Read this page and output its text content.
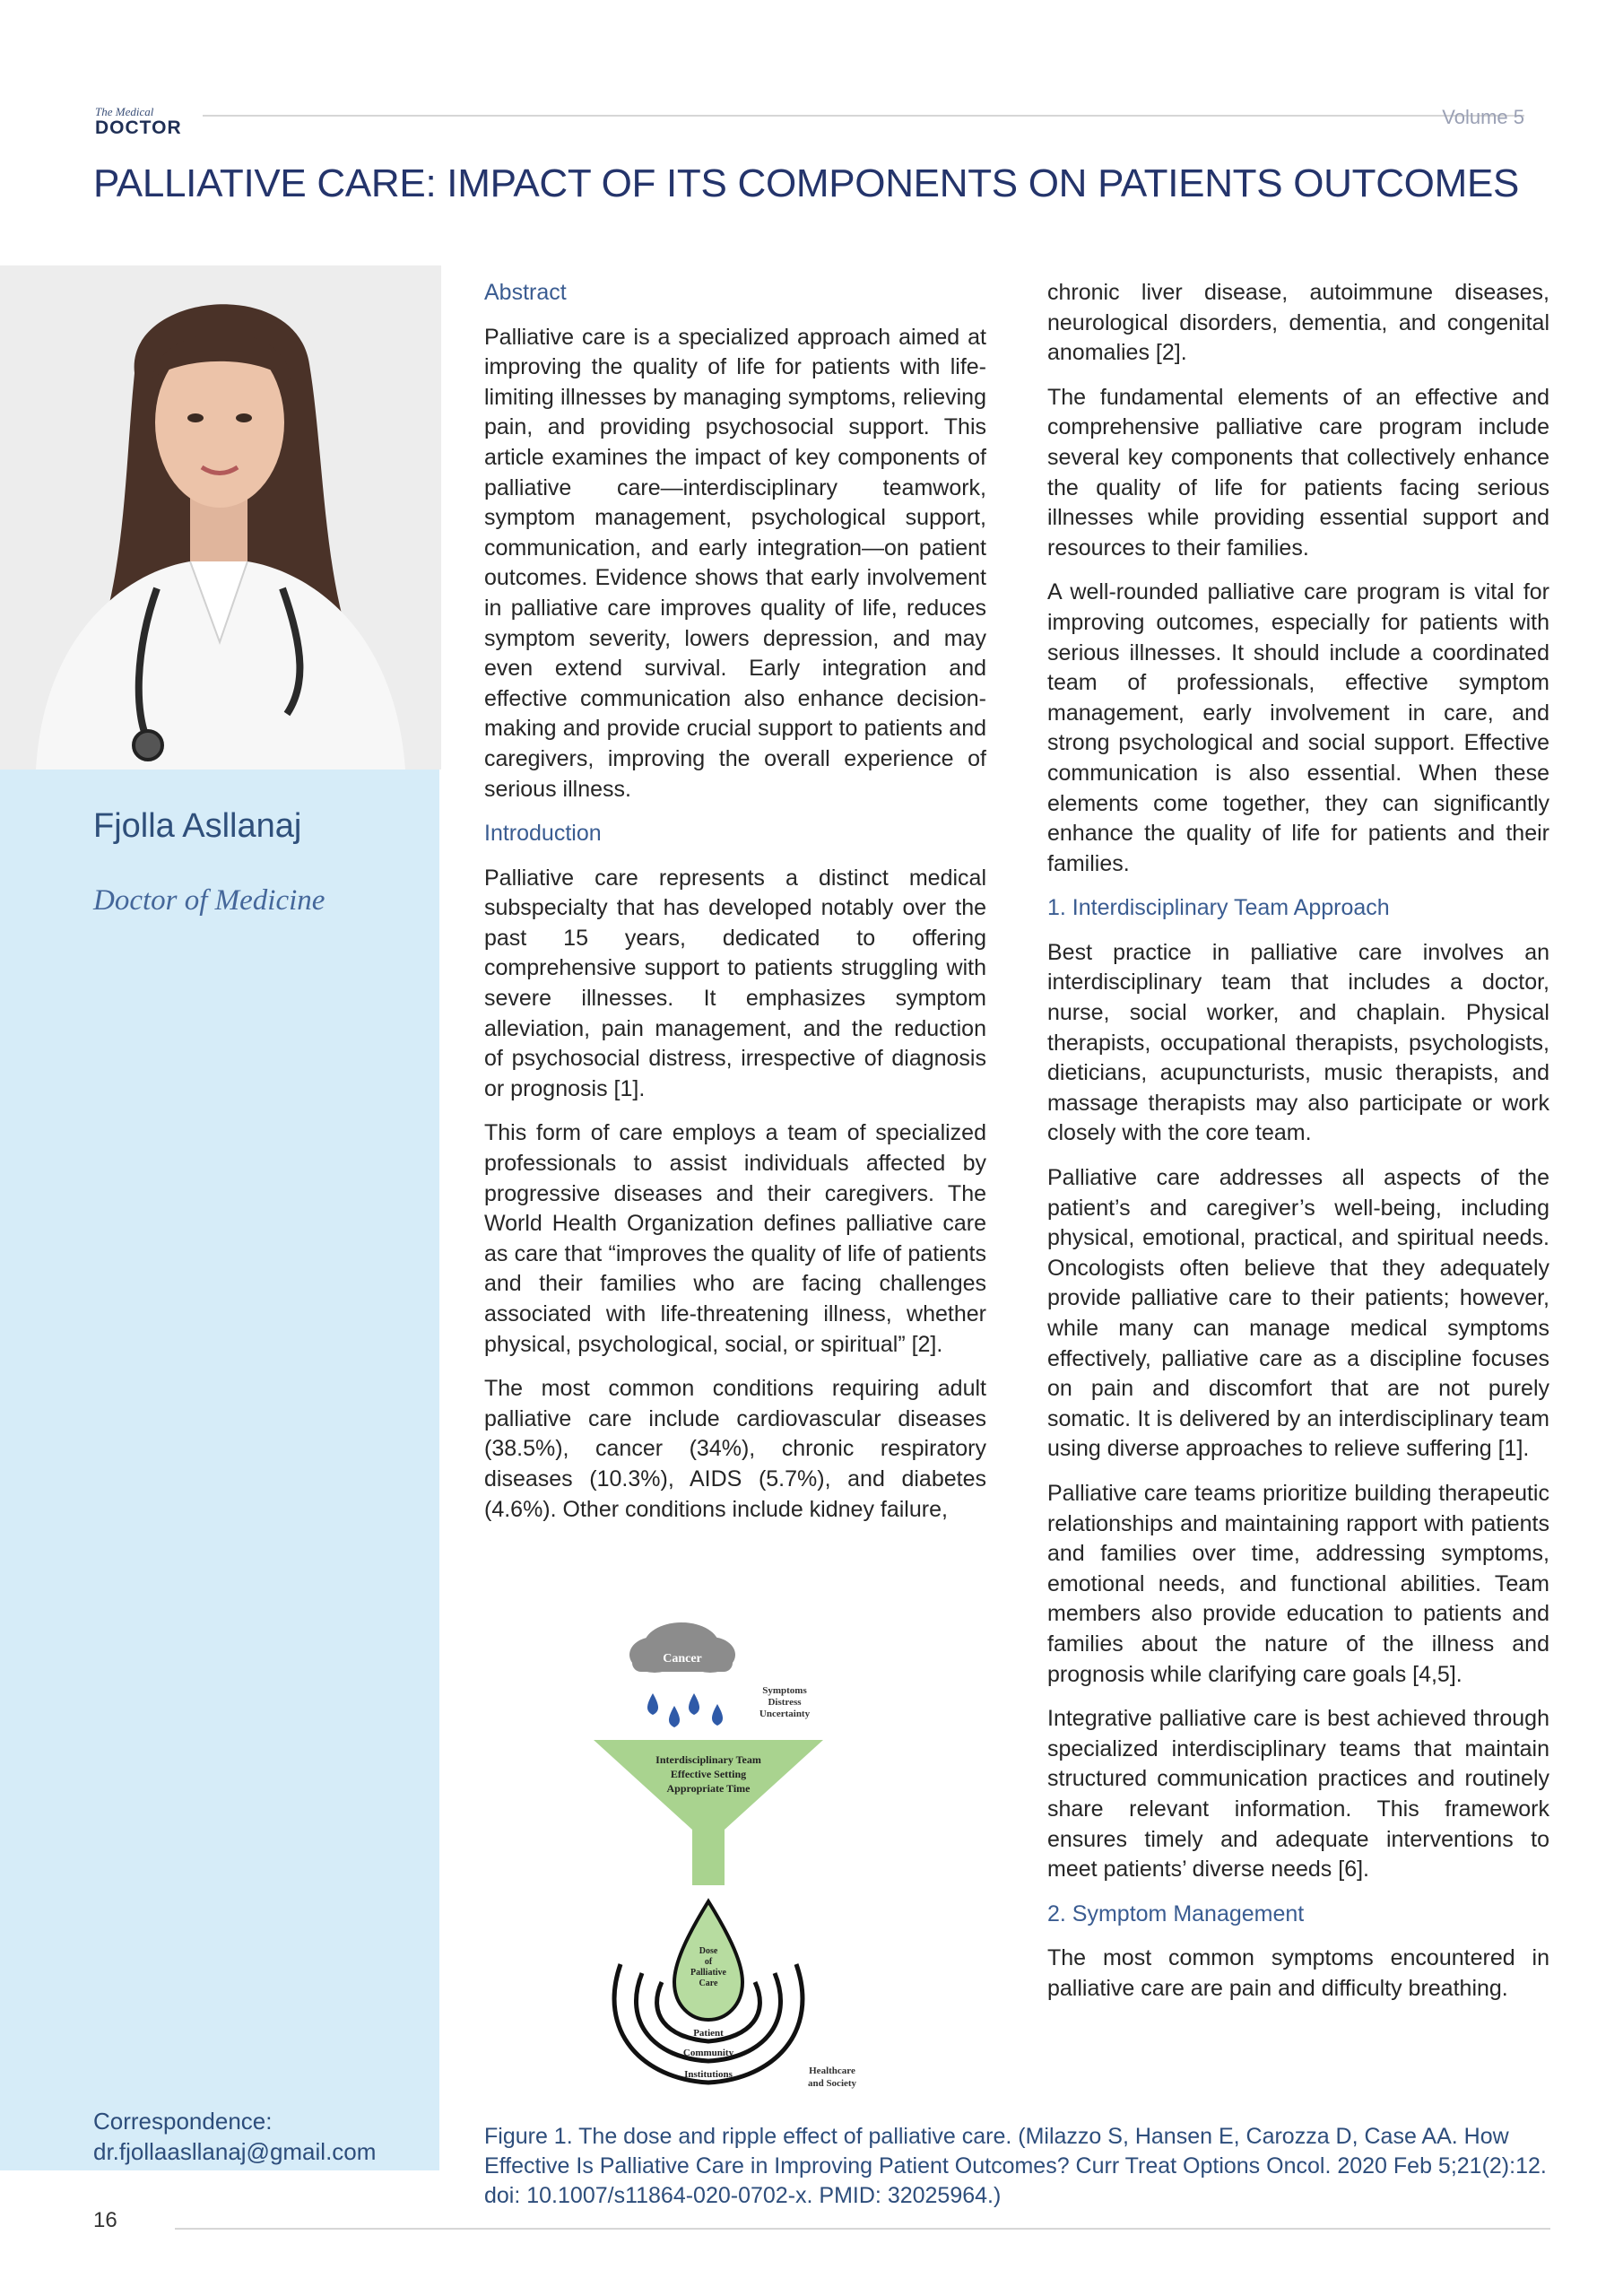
The Medical
DOCTOR	Volume 5
PALLIATIVE CARE: IMPACT OF ITS COMPONENTS ON PATIENTS OUTCOMES
Fjolla Asllanaj
Doctor of Medicine
Correspondence:
dr.fjollaasllanaj@gmail.com
Abstract

Palliative care is a specialized approach aimed at improving the quality of life for patients with life-limiting illnesses by managing symptoms, relieving pain, and providing psychosocial support. This article examines the impact of key components of palliative care—interdisciplinary teamwork, symptom management, psychological support, communication, and early integration—on patient outcomes. Evidence shows that early involvement in palliative care improves quality of life, reduces symptom severity, lowers depression, and may even extend survival. Early integration and effective communication also enhance decision-making and provide crucial support to patients and caregivers, improving the overall experience of serious illness.

Introduction

Palliative care represents a distinct medical subspecialty that has developed notably over the past 15 years, dedicated to offering comprehensive support to patients struggling with severe illnesses. It emphasizes symptom alleviation, pain management, and the reduction of psychosocial distress, irrespective of diagnosis or prognosis [1].

This form of care employs a team of specialized professionals to assist individuals affected by progressive diseases and their caregivers. The World Health Organization defines palliative care as care that “improves the quality of life of patients and their families who are facing challenges associated with life-threatening illness, whether physical, psychological, social, or spiritual” [2].

The most common conditions requiring adult palliative care include cardiovascular diseases (38.5%), cancer (34%), chronic respiratory diseases (10.3%), AIDS (5.7%), and diabetes (4.6%). Other conditions include kidney failure,

chronic liver disease, autoimmune diseases, neurological disorders, dementia, and congenital anomalies [2].

The fundamental elements of an effective and comprehensive palliative care program include several key components that collectively enhance the quality of life for patients facing serious illnesses while providing essential support and resources to their families.

A well-rounded palliative care program is vital for improving outcomes, especially for patients with serious illnesses. It should include a coordinated team of professionals, effective symptom management, early involvement in care, and strong psychological and social support. Effective communication is also essential. When these elements come together, they can significantly enhance the quality of life for patients and their families.

1. Interdisciplinary Team Approach

Best practice in palliative care involves an interdisciplinary team that includes a doctor, nurse, social worker, and chaplain. Physical therapists, occupational therapists, psychologists, dieticians, acupuncturists, music therapists, and massage therapists may also participate or work closely with the core team.

Palliative care addresses all aspects of the patient’s and caregiver’s well-being, including physical, emotional, practical, and spiritual needs. Oncologists often believe that they adequately provide palliative care to their patients; however, while many can manage medical symptoms effectively, palliative care as a discipline focuses on pain and discomfort that are not purely somatic. It is delivered by an interdisciplinary team using diverse approaches to relieve suffering [1].

Palliative care teams prioritize building therapeutic relationships and maintaining rapport with patients and families over time, addressing symptoms, emotional needs, and functional abilities. Team members also provide education to patients and families about the nature of the illness and prognosis while clarifying care goals [4,5].

Integrative palliative care is best achieved through specialized interdisciplinary teams that maintain structured communication practices and routinely share relevant information. This framework ensures timely and adequate interventions to meet patients’ diverse needs [6].

2. Symptom Management

The most common symptoms encountered in palliative care are pain and difficulty breathing.

Cancer
Symptoms
Distress
Uncertainty
Interdisciplinary Team
Effective Setting
Appropriate Time
Dose
of
Palliative
Care
Patient
Community
Institutions	Healthcare
and Society
Figure 1. The dose and ripple effect of palliative care. (Milazzo S, Hansen E, Carozza D, Case AA. How Effective Is Palliative Care in Improving Patient Outcomes? Curr Treat Options Oncol. 2020 Feb 5;21(2):12. doi: 10.1007/s11864-020-0702-x. PMID: 32025964.)
16
